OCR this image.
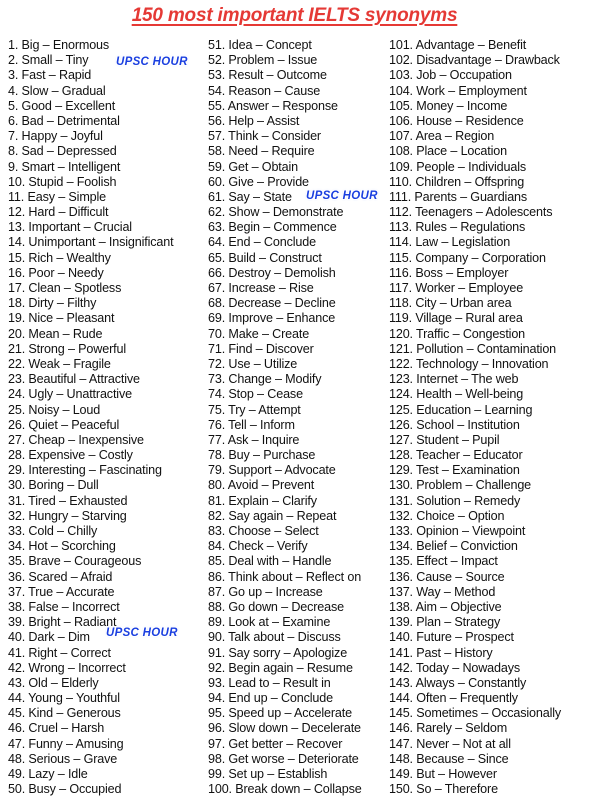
150 most important IELTS synonyms
1. Big – Enormous
2. Small – Tiny
3. Fast – Rapid
4. Slow – Gradual
5. Good – Excellent
6. Bad – Detrimental
7. Happy – Joyful
8. Sad – Depressed
9. Smart – Intelligent
10. Stupid – Foolish
11. Easy – Simple
12. Hard – Difficult
13. Important – Crucial
14. Unimportant – Insignificant
15. Rich – Wealthy
16. Poor – Needy
17. Clean – Spotless
18. Dirty – Filthy
19. Nice – Pleasant
20. Mean – Rude
21. Strong – Powerful
22. Weak – Fragile
23. Beautiful – Attractive
24. Ugly – Unattractive
25. Noisy – Loud
26. Quiet – Peaceful
27. Cheap – Inexpensive
28. Expensive – Costly
29. Interesting – Fascinating
30. Boring – Dull
31. Tired – Exhausted
32. Hungry – Starving
33. Cold – Chilly
34. Hot – Scorching
35. Brave – Courageous
36. Scared – Afraid
37. True – Accurate
38. False – Incorrect
39. Bright – Radiant
40. Dark – Dim
41. Right – Correct
42. Wrong – Incorrect
43. Old – Elderly
44. Young – Youthful
45. Kind – Generous
46. Cruel – Harsh
47. Funny – Amusing
48. Serious – Grave
49. Lazy – Idle
50. Busy – Occupied
51. Idea – Concept
52. Problem – Issue
53. Result – Outcome
54. Reason – Cause
55. Answer – Response
56. Help – Assist
57. Think – Consider
58. Need – Require
59. Get – Obtain
60. Give – Provide
61. Say – State
62. Show – Demonstrate
63. Begin – Commence
64. End – Conclude
65. Build – Construct
66. Destroy – Demolish
67. Increase – Rise
68. Decrease – Decline
69. Improve – Enhance
70. Make – Create
71. Find – Discover
72. Use – Utilize
73. Change – Modify
74. Stop – Cease
75. Try – Attempt
76. Tell – Inform
77. Ask – Inquire
78. Buy – Purchase
79. Support – Advocate
80. Avoid – Prevent
81. Explain – Clarify
82. Say again – Repeat
83. Choose – Select
84. Check – Verify
85. Deal with – Handle
86. Think about – Reflect on
87. Go up – Increase
88. Go down – Decrease
89. Look at – Examine
90. Talk about – Discuss
91. Say sorry – Apologize
92. Begin again – Resume
93. Lead to – Result in
94. End up – Conclude
95. Speed up – Accelerate
96. Slow down – Decelerate
97. Get better – Recover
98. Get worse – Deteriorate
99. Set up – Establish
100. Break down – Collapse
101. Advantage – Benefit
102. Disadvantage – Drawback
103. Job – Occupation
104. Work – Employment
105. Money – Income
106. House – Residence
107. Area – Region
108. Place – Location
109. People – Individuals
110. Children – Offspring
111. Parents – Guardians
112. Teenagers – Adolescents
113. Rules – Regulations
114. Law – Legislation
115. Company – Corporation
116. Boss – Employer
117. Worker – Employee
118. City – Urban area
119. Village – Rural area
120. Traffic – Congestion
121. Pollution – Contamination
122. Technology – Innovation
123. Internet – The web
124. Health – Well-being
125. Education – Learning
126. School – Institution
127. Student – Pupil
128. Teacher – Educator
129. Test – Examination
130. Problem – Challenge
131. Solution – Remedy
132. Choice – Option
133. Opinion – Viewpoint
134. Belief – Conviction
135. Effect – Impact
136. Cause – Source
137. Way – Method
138. Aim – Objective
139. Plan – Strategy
140. Future – Prospect
141. Past – History
142. Today – Nowadays
143. Always – Constantly
144. Often – Frequently
145. Sometimes – Occasionally
146. Rarely – Seldom
147. Never – Not at all
148. Because – Since
149. But – However
150. So – Therefore
UPSC HOUR
UPSC HOUR
UPSC HOUR
